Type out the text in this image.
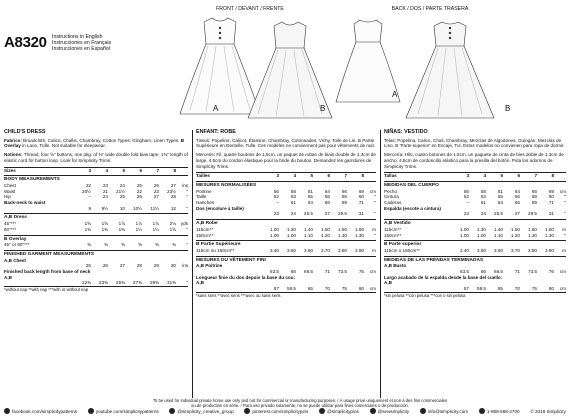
A8320 Instructions in English
Instrucciones en Français
Instrucciones en Español
FRONT / DEVANT / FRENTE
A	B
BACK / DOS / PARTE TRASERA
A
B
CHILD'S DRESS
Fabrics: Broadcloth, Calico, Challis, Chambray, Cotton Types, Gingham, Linen Types. B Overlay in Lace, Tulle. Not suitable for sleepwear.
Notions: Thread, four ⅝" buttons, one pkg. of ⅜" wide double fold bias tape, 1⅜" length of elastic cord for button loop. Look for Simplicity Trims.
Sizes	3	4	5	6	7	8
BODY MEASUREMENTS
Chest	22	23	24	25	26	27	ins
Waist	20½	21	21½	22	23	23½	"
Hip	–	24	25	26	27	28	"
Back-neck to waist
9	9½	10	10½	11½	12	"
A,B Dress
45"***	1⅝	1⅝	1⅞	1⅞	1⅞	2⅛	yds
60"***	1⅜	1⅜	1⅜	1½	1½	1⅝	"
B Overlay
45" or 60"***	⅜	⅜	⅜	⅜	⅜	⅜	"
FINISHED GARMENT MEASUREMENTS
A,B Chest
25	26	27	28	29	30	ins
Finished back length from base of neck
A,B
22⅜	23⅜	25⅜	27⅜	29⅜	31⅜	"
*without nap **with nap ***with or without nap
ENFANT: ROBE
Tissus: Popeline, Calicot, Étamine, Chambray, Cotonnades, Vichy, Toile de Lin. B Partie Supérieure en Dentelle, Tulle. Ces modèles ne conviennent pas pour vêtements de nuit.
Mercerie: Fil, quatre boutons de 1,5cm, un paquet de ruban de biais double de 1.3cm de large, 4.5cm du cordon élastique pour la bride du bouton. Demandez les garnitures de Simplicity Trims.
Tailles	3	4	5	6	7	8
MESURES NORMALISÉES
Poitrine	56	58	61	64	66	69	cm
Taille	52	53	55	56	58	60	"
Hanches	–	61	64	66	69	71	"
Dos (encolure à taille)
23	24	25.5	27	29.5	31	"
A,B Robe
115cm**	1.00	1.30	1.40	1.50	1.60	1.60	m
150cm**	1.00	1.00	1.10	1.20	1.30	1.30	"
B Partie Supérieure
115cm ou 150cm**	3.40	3.50	3.60	3.70	3.80	3.90	m
MESURES DU VÊTEMENT FINI
A,B Poitrine
63.5	66	68.5	71	73.5	76	cm
Longueur finie du dos depuis la base du cou:
A,B
57	59.5	65	70	75	80	cm
*sans sens **avec sens ***avec ou sans sens
NIÑAS: VESTIDO
Telas: Popelina, Calico, Chali, Chambray, Mezclas de Algodones, Guingán, Mezclas de Lino. B 'Parte superior' en Encaje, Tul. Estos modelos no convienen para ropa de dormir.
Mercería: Hilo, cuatro botones de 1.5cm, un paquete de cinta de bies doble de 1.3cm de ancho, 4.5cm de cordoncillo elástico para la presilla del botón. Pida los adornos de Simplicity Trims.
Tallas	3	4	5	6	7	8
MEDIDAS DEL CUERPO
Pecho	56	58	61	64	66	69	cm
Cintura	52	53	55	56	58	60	"
Caderas	–	61	64	66	69	71	"
Espalda (escote a cintura)
23	24	25.5	27	29.5	31	"
A,B Vestido
115cm**	1.00	1.30	1.40	1.50	1.60	1.60	m
150cm**	1.00	1.00	1.10	1.20	1.30	1.30	"
B Parte superior
115cm o 150cm**	3.40	3.50	3.60	3.70	3.80	3.90	m
MEDIDAS DE LAS PRENDAS TERMINADAS
A,B Busto
63.5	66	68.5	71	73.5	76	cm
Largo acabado de la espalda desde la base del cuello:
A,B
57	59.5	65	70	75	80	cm
*sin pelusa **con pelusa ***con o sin pelusa
To be used for individual private home use only and not for commercial or manufacturing purposes. / À usage privé uniquement et non à des fins commerciales ou de production en série. / Para uso privado solamente, no se puede utilizar para fines comerciales o de producción.
facebook.com/simplicitypatterns	youtube.com/simplicitypatterns	@simplicity_creative_group	pinterest.com/simplicitypins	@simplicitypins	@sewsimplicity	info@simplicity.com	1-888-588-2700 © 2018 Simplicity
